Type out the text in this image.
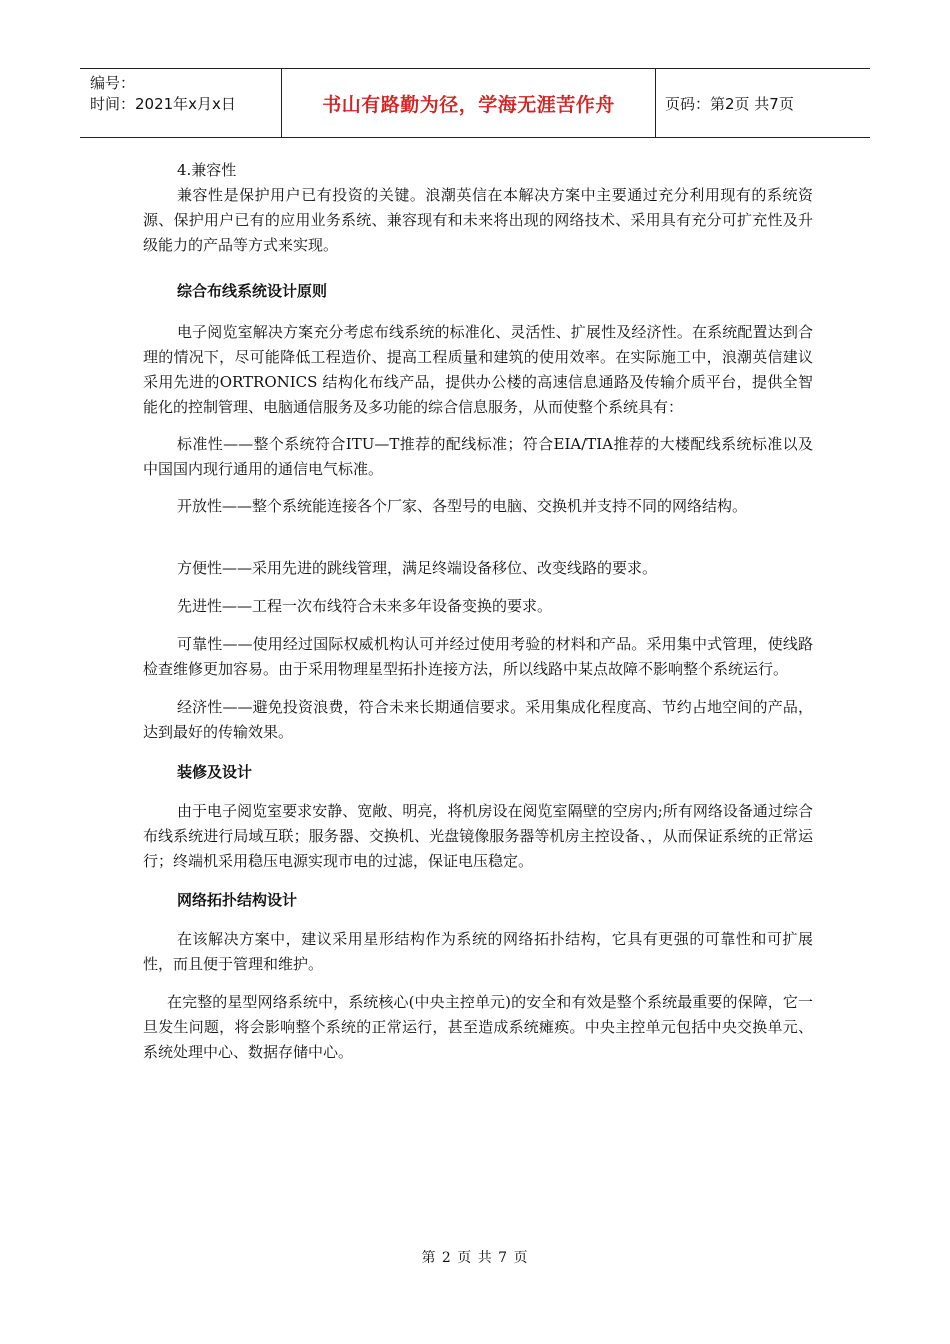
编号：
时间：2021年x月x日	书山有路勤为径，学海无涯苦作舟	页码：第2页 共7页

4.兼容性

兼容性是保护用户已有投资的关键。浪潮英信在本解决方案中主要通过充分利用现有的系统资源、保护用户已有的应用业务系统、兼容现有和未来将出现的网络技术、采用具有充分可扩充性及升级能力的产品等方式来实现。

综合布线系统设计原则

电子阅览室解决方案充分考虑布线系统的标准化、灵活性、扩展性及经济性。在系统配置达到合理的情况下，尽可能降低工程造价、提高工程质量和建筑的使用效率。在实际施工中，浪潮英信建议采用先进的ORTRONICS 结构化布线产品，提供办公楼的高速信息通路及传输介质平台，提供全智能化的控制管理、电脑通信服务及多功能的综合信息服务，从而使整个系统具有：

标准性——整个系统符合ITU—T推荐的配线标准；符合EIA/TIA推荐的大楼配线系统标准以及中国国内现行通用的通信电气标准。

开放性——整个系统能连接各个厂家、各型号的电脑、交换机并支持不同的网络结构。

方便性——采用先进的跳线管理，满足终端设备移位、改变线路的要求。

先进性——工程一次布线符合未来多年设备变换的要求。

可靠性——使用经过国际权威机构认可并经过使用考验的材料和产品。采用集中式管理，使线路检查维修更加容易。由于采用物理星型拓扑连接方法，所以线路中某点故障不影响整个系统运行。

经济性——避免投资浪费，符合未来长期通信要求。采用集成化程度高、节约占地空间的产品，达到最好的传输效果。

装修及设计

由于电子阅览室要求安静、宽敞、明亮，将机房设在阅览室隔壁的空房内;所有网络设备通过综合布线系统进行局域互联；服务器、交换机、光盘镜像服务器等机房主控设备、，从而保证系统的正常运行；终端机采用稳压电源实现市电的过滤，保证电压稳定。

网络拓扑结构设计

在该解决方案中，建议采用星形结构作为系统的网络拓扑结构，它具有更强的可靠性和可扩展性，而且便于管理和维护。

在完整的星型网络系统中，系统核心(中央主控单元)的安全和有效是整个系统最重要的保障，它一旦发生问题，将会影响整个系统的正常运行，甚至造成系统瘫痪。中央主控单元包括中央交换单元、系统处理中心、数据存储中心。

第 2 页 共 7 页
